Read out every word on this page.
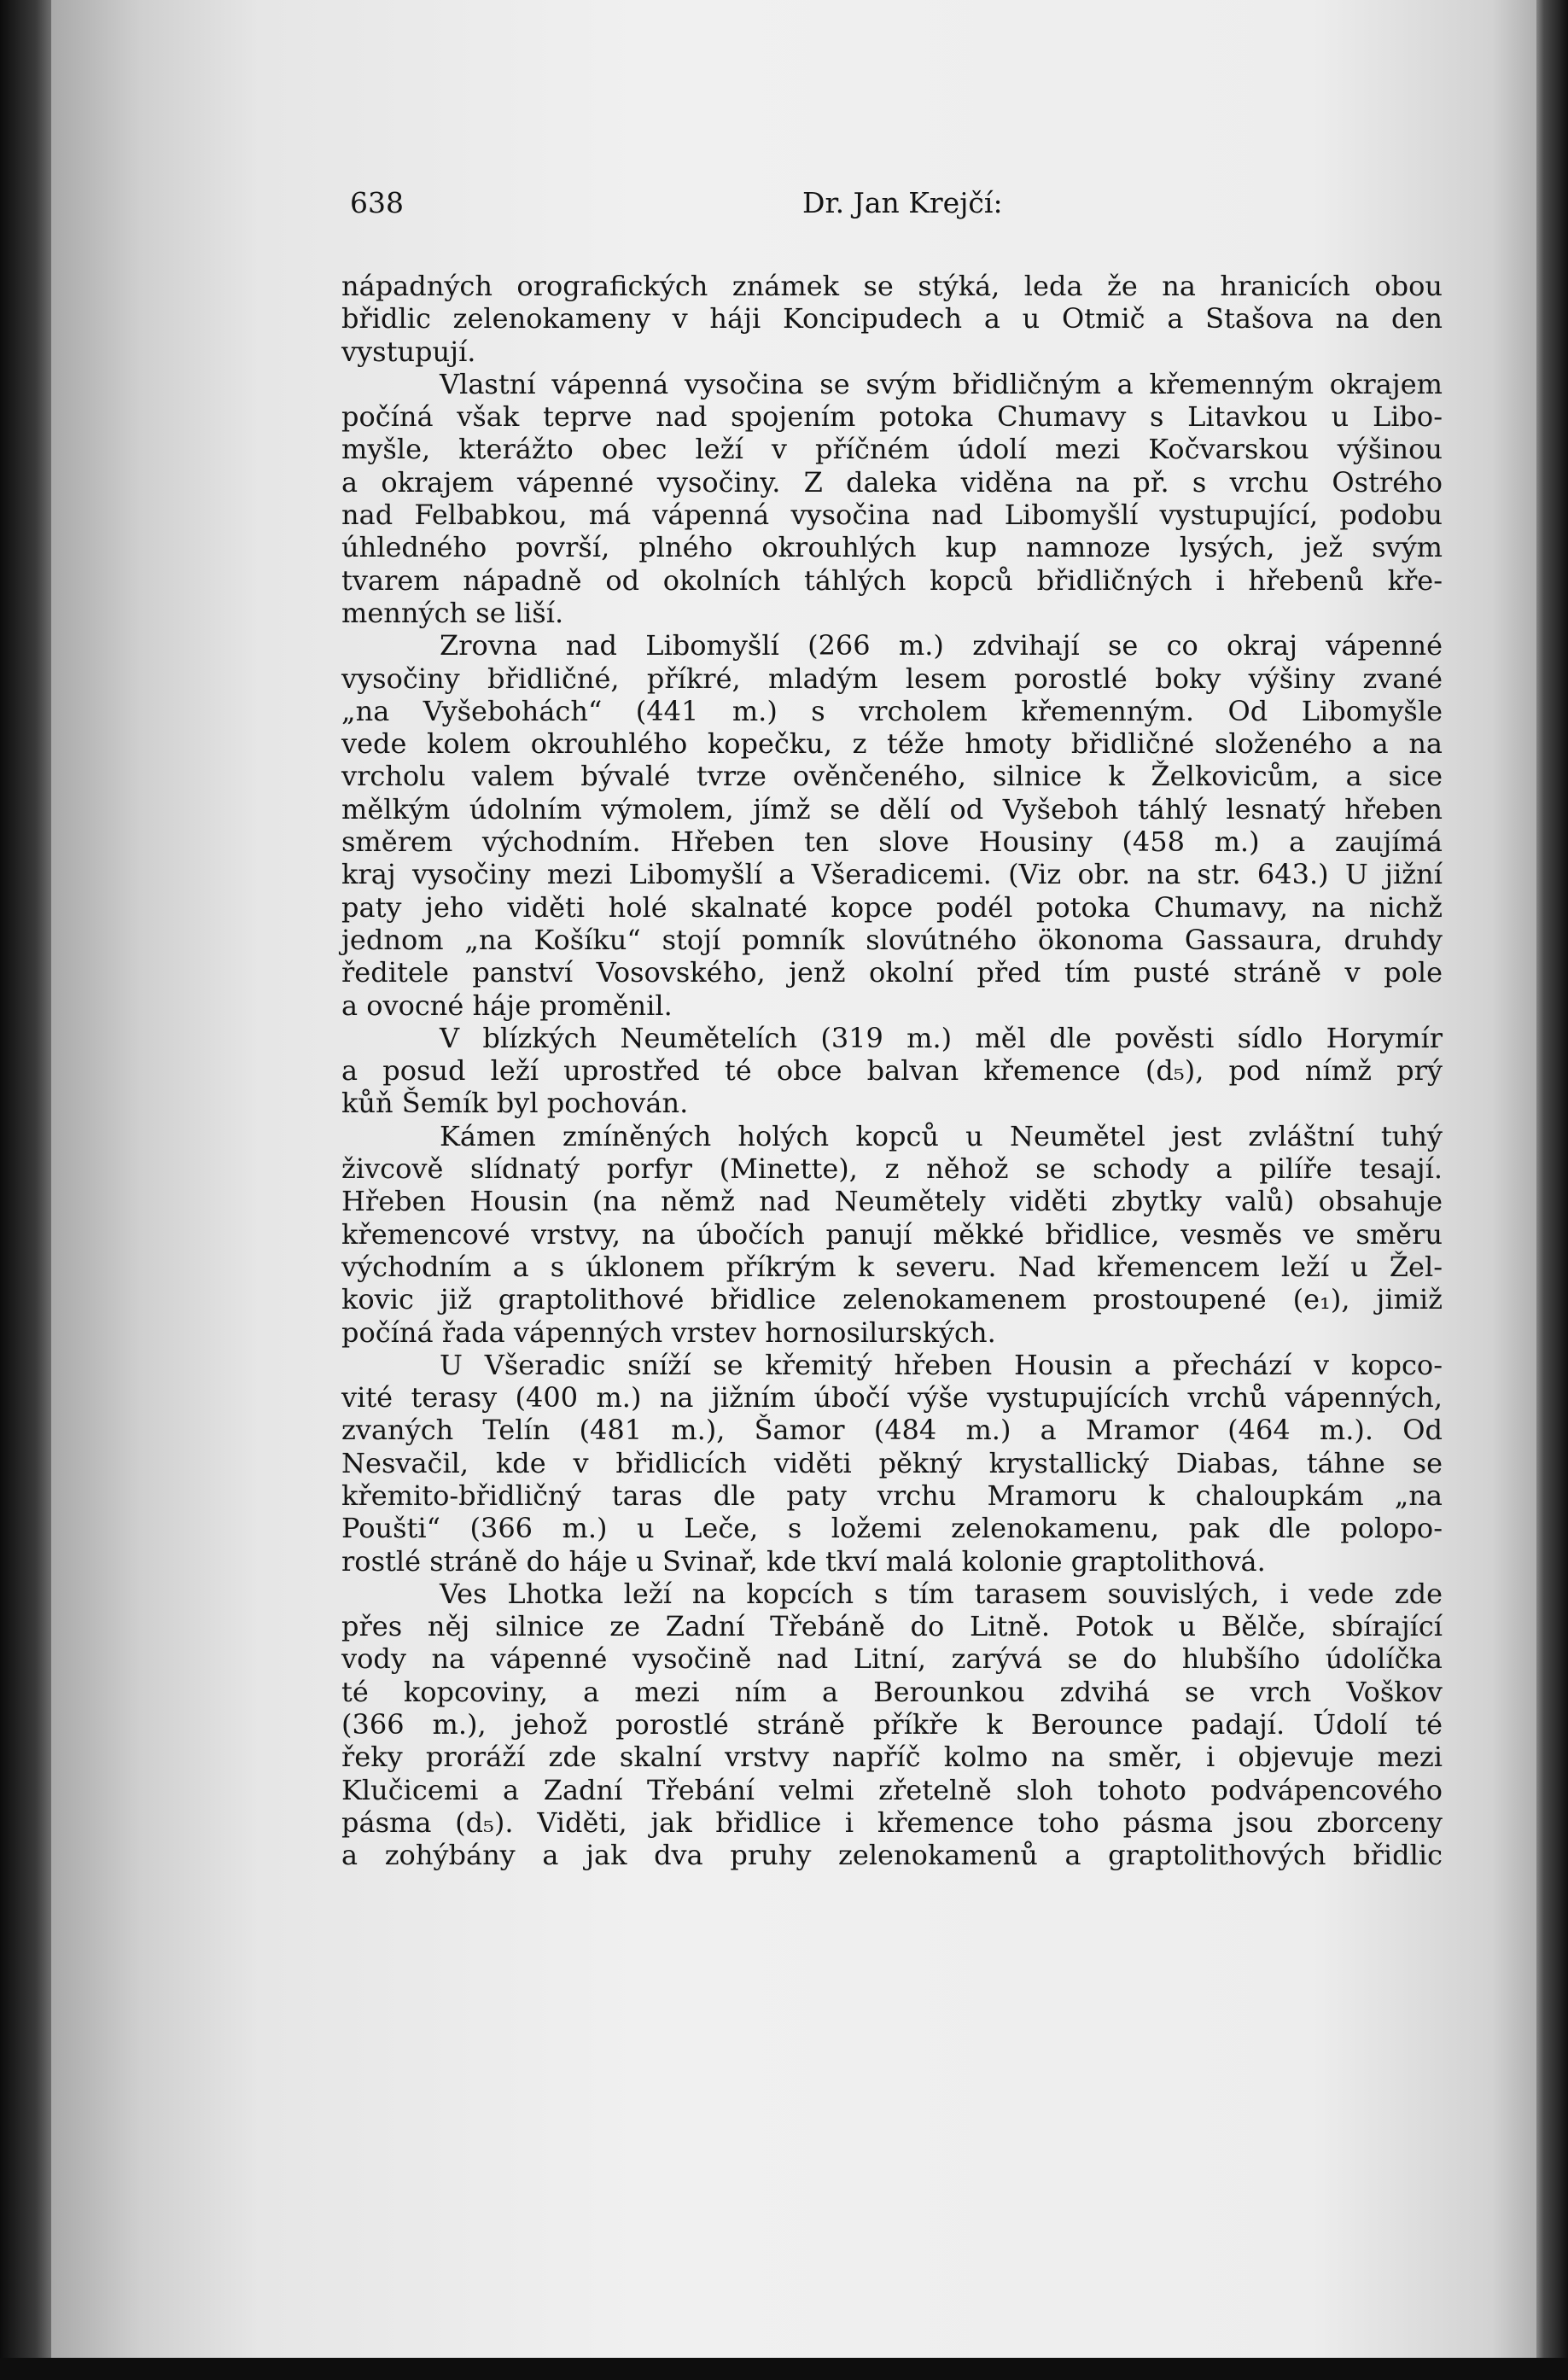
638	Dr. Jan Krejčí:
nápadných orografických známek se stýká, leda že na hranicích obou
břidlic zelenokameny v háji Koncipudech a u Otmič a Stašova na den
vystupují.
Vlastní vápenná vysočina se svým břidličným a křemenným okrajem
počíná však teprve nad spojením potoka Chumavy s Litavkou u Libo-
myšle, kterážto obec leží v příčném údolí mezi Kočvarskou výšinou
a okrajem vápenné vysočiny. Z daleka viděna na př. s vrchu Ostrého
nad Felbabkou, má vápenná vysočina nad Libomyšlí vystupující, podobu
úhledného površí, plného okrouhlých kup namnoze lysých, jež svým
tvarem nápadně od okolních táhlých kopců břidličných i hřebenů kře-
menných se liší.
Zrovna nad Libomyšlí (266 m.) zdvihají se co okraj vápenné
vysočiny břidličné, příkré, mladým lesem porostlé boky výšiny zvané
„na Vyšebohách“ (441 m.) s vrcholem křemenným. Od Libomyšle
vede kolem okrouhlého kopečku, z téže hmoty břidličné složeného a na
vrcholu valem bývalé tvrze ověnčeného, silnice k Želkovicům, a sice
mělkým údolním výmolem, jímž se dělí od Vyšeboh táhlý lesnatý hřeben
směrem východním. Hřeben ten slove Housiny (458 m.) a zaujímá
kraj vysočiny mezi Libomyšlí a Všeradicemi. (Viz obr. na str. 643.) U jižní
paty jeho viděti holé skalnaté kopce podél potoka Chumavy, na nichž
jednom „na Košíku“ stojí pomník slovútného ökonoma Gassaura, druhdy
ředitele panství Vosovského, jenž okolní před tím pusté stráně v pole
a ovocné háje proměnil.
V blízkých Neumětelích (319 m.) měl dle pověsti sídlo Horymír
a posud leží uprostřed té obce balvan křemence (d₅), pod nímž prý
kůň Šemík byl pochován.
Kámen zmíněných holých kopců u Neumětel jest zvláštní tuhý
živcově slídnatý porfyr (Minette), z něhož se schody a pilíře tesají.
Hřeben Housin (na němž nad Neumětely viděti zbytky valů) obsahuje
křemencové vrstvy, na úbočích panují měkké břidlice, vesměs ve směru
východním a s úklonem příkrým k severu. Nad křemencem leží u Žel-
kovic již graptolithové břidlice zelenokamenem prostoupené (e₁), jimiž
počíná řada vápenných vrstev hornosilurských.
U Všeradic sníží se křemitý hřeben Housin a přechází v kopco-
vité terasy (400 m.) na jižním úbočí výše vystupujících vrchů vápenných,
zvaných Telín (481 m.), Šamor (484 m.) a Mramor (464 m.). Od
Nesvačil, kde v břidlicích viděti pěkný krystallický Diabas, táhne se
křemito-břidličný taras dle paty vrchu Mramoru k chaloupkám „na
Poušti“ (366 m.) u Leče, s ložemi zelenokamenu, pak dle polopo-
rostlé stráně do háje u Svinař, kde tkví malá kolonie graptolithová.
Ves Lhotka leží na kopcích s tím tarasem souvislých, i vede zde
přes něj silnice ze Zadní Třebáně do Litně. Potok u Bělče, sbírající
vody na vápenné vysočině nad Litní, zarývá se do hlubšího údolíčka
té kopcoviny, a mezi ním a Berounkou zdvihá se vrch Voškov
(366 m.), jehož porostlé stráně příkře k Berounce padají. Údolí té
řeky proráží zde skalní vrstvy napříč kolmo na směr, i objevuje mezi
Klučicemi a Zadní Třebání velmi zřetelně sloh tohoto podvápencového
pásma (d₅). Viděti, jak břidlice i křemence toho pásma jsou zborceny
a zohýbány a jak dva pruhy zelenokamenů a graptolithových břidlic
